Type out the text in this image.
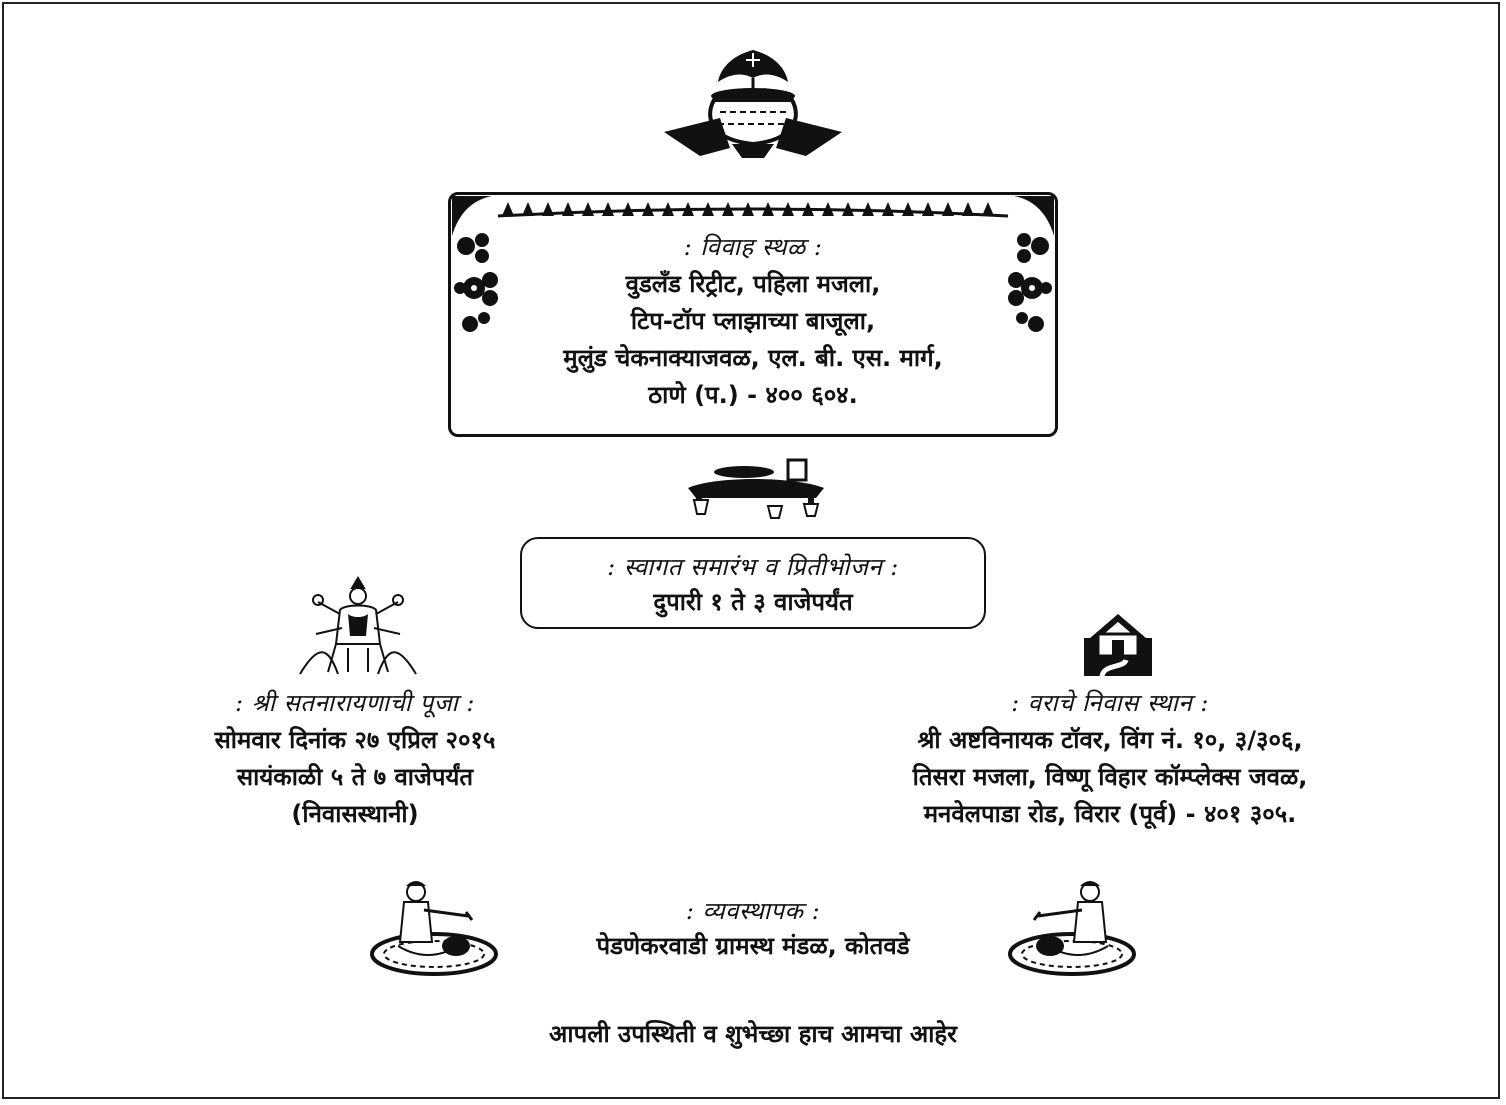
: विवाह स्थळ :
वुडलॅंड रिट्रीट, पहिला मजला,
टिप-टॉप प्लाझाच्या बाजूला,
मुलुंड चेकनाक्याजवळ, एल. बी. एस. मार्ग,
ठाणे (प.) - ४०० ६०४.
: स्वागत समारंभ व प्रितीभोजन :
दुपारी १ ते ३ वाजेपर्यंत
: श्री सतनारायणाची पूजा :
सोमवार दिनांक २७ एप्रिल २०१५
सायंकाळी ५ ते ७ वाजेपर्यंत
(निवासस्थानी)
: वराचे निवास स्थान :
श्री अष्टविनायक टॉवर, विंग नं. १०, ३/३०६,
तिसरा मजला, विष्णू विहार कॉम्प्लेक्स जवळ,
मनवेलपाडा रोड, विरार (पूर्व) - ४०१ ३०५.
: व्यवस्थापक :
पेडणेकरवाडी ग्रामस्थ मंडळ, कोतवडे
आपली उपस्थिती व शुभेच्छा हाच आमचा आहेर
